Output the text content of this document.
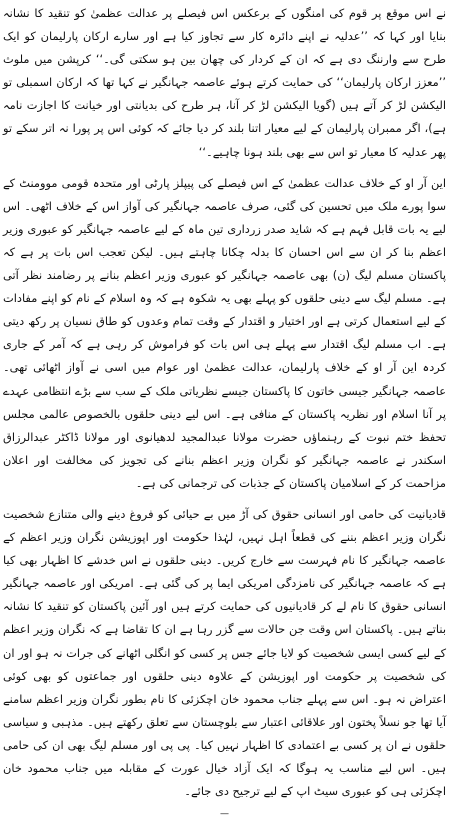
نے اس موقع پر قوم کی امنگوں کے برعکس اس فیصلے پر عدالت عظمیٰ کو تنقید کا نشانہ بنایا اور کہا کہ ’’عدلیہ نے اپنے دائرہ کار سے تجاوز کیا ہے اور سارے ارکان پارلیمان کو ایک طرح سے وارننگ دی ہے کہ ان کے کردار کی چھان بین ہو سکتی گی۔‘‘ کرپشن میں ملوث ’’معزز ارکان پارلیمان‘‘ کی حمایت کرتے ہوئے عاصمہ جہانگیر نے کہا تھا کہ ارکان اسمبلی تو الیکشن لڑ کر آتے ہیں (گویا الیکشن لڑ کر آنا، ہر طرح کی بدیانتی اور خیانت کا اجازت نامہ ہے)، اگر ممبران پارلیمان کے لیے معیار اتنا بلند کر دیا جائے کہ کوئی اس پر پورا نہ اتر سکے تو پھر عدلیہ کا معیار تو اس سے بھی بلند ہونا چاہیے۔‘‘

این آر او کے خلاف عدالت عظمیٰ کے اس فیصلے کی پیپلز پارٹی اور متحدہ قومی موومنٹ کے سوا پورے ملک میں تحسین کی گئی، صرف عاصمہ جہانگیر کی آواز اس کے خلاف اٹھی۔ اس لیے یہ بات قابل فہم ہے کہ شاید صدر زرداری تین ماہ کے لیے عاصمہ جہانگیر کو عبوری وزیر اعظم بنا کر ان سے اس احسان کا بدلہ چکانا چاہتے ہیں۔ لیکن تعجب اس بات پر ہے کہ پاکستان مسلم لیگ (ن) بھی عاصمہ جہانگیر کو عبوری وزیر اعظم بنانے پر رضامند نظر آتی ہے۔ مسلم لیگ سے دینی حلقوں کو پہلے بھی یہ شکوہ ہے کہ وہ اسلام کے نام کو اپنے مفادات کے لیے استعمال کرتی ہے اور اختیار و اقتدار کے وقت تمام وعدوں کو طاق نسیان پر رکھ دیتی ہے۔ اب مسلم لیگ اقتدار سے پہلے ہی اس بات کو فراموش کر رہی ہے کہ آمر کے جاری کردہ این آر او کے خلاف پارلیمان، عدالت عظمیٰ اور عوام میں اسی نے آواز اٹھائی تھی۔ عاصمہ جہانگیر جیسی خاتون کا پاکستان جیسے نظریاتی ملک کے سب سے بڑے انتظامی عہدے پر آنا اسلام اور نظریہ پاکستان کے منافی ہے۔ اس لیے دینی حلقوں بالخصوص عالمی مجلس تحفظ ختم نبوت کے رہنماؤں حضرت مولانا عبدالمجید لدھیانوی اور مولانا ڈاکٹر عبدالرزاق اسکندر نے عاصمہ جہانگیر کو نگران وزیر اعظم بنانے کی تجویز کی مخالفت اور اعلان مزاحمت کر کے اسلامیان پاکستان کے جذبات کی ترجمانی کی ہے۔

قادیانیت کی حامی اور انسانی حقوق کی آڑ میں بے حیائی کو فروغ دینے والی متنازع شخصیت نگران وزیر اعظم بننے کی قطعاً اہل نہیں، لہٰذا حکومت اور اپوزیشن نگران وزیر اعظم کے عاصمہ جہانگیر کا نام فہرست سے خارج کریں۔ دینی حلقوں نے اس خدشے کا اظہار بھی کیا ہے کہ عاصمہ جہانگیر کی نامزدگی امریکی ایما پر کی گئی ہے۔ امریکی اور عاصمہ جہانگیر انسانی حقوق کا نام لے کر قادیانیوں کی حمایت کرتے ہیں اور آئین پاکستان کو تنقید کا نشانہ بناتے ہیں۔ پاکستان اس وقت جن حالات سے گزر رہا ہے ان کا تقاضا ہے کہ نگران وزیر اعظم کے لیے کسی ایسی شخصیت کو لایا جائے جس پر کسی کو انگلی اٹھانے کی جرات نہ ہو اور ان کی شخصیت پر حکومت اور اپوزیشن کے علاوہ دینی حلقوں اور جماعتوں کو بھی کوئی اعتراض نہ ہو۔ اس سے پہلے جناب محمود خان اچکزئی کا نام بطور نگران وزیر اعظم سامنے آیا تھا جو نسلاً پختون اور علاقائی اعتبار سے بلوچستان سے تعلق رکھتے ہیں۔ مذہبی و سیاسی حلقوں نے ان پر کسی بے اعتمادی کا اظہار نہیں کیا۔ پی پی اور مسلم لیگ بھی ان کی حامی ہیں۔ اس لیے مناسب یہ ہوگا کہ ایک آزاد خیال عورت کے مقابلہ میں جناب محمود خان اچکزئی ہی کو عبوری سیٹ اپ کے لیے ترجیح دی جائے۔

—
